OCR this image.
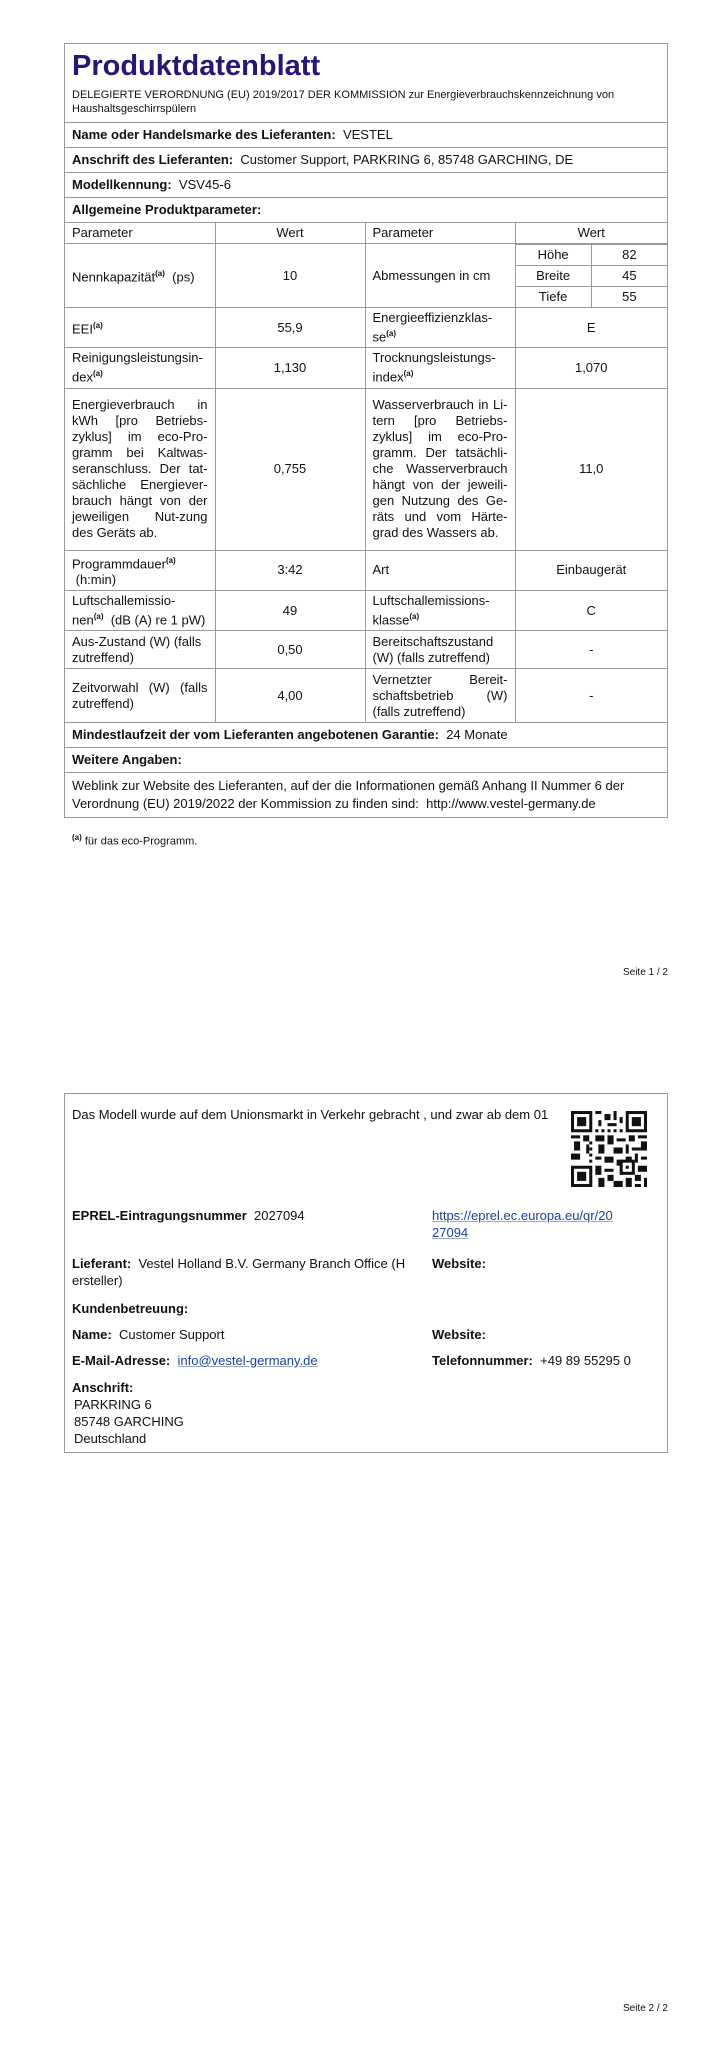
Produktdatenblatt
DELEGIERTE VERORDNUNG (EU) 2019/2017 DER KOMMISSION zur Energieverbrauchskennzeichnung von Haushaltsgeschirrspülern
Name oder Handelsmarke des Lieferanten: VESTEL
Anschrift des Lieferanten: Customer Support, PARKRING 6, 85748 GARCHING, DE
Modellkennung: VSV45-6
Allgemeine Produktparameter:
Parameter	Wert	Parameter	Wert
Nennkapazität$^{(a)}$ (ps)	10	Abmessungen in cm	
Höhe	82
Breite	45
Tiefe	55

EEI$^{(a)}$	55,9	Energieeffizienzklas-$se^{(a)}$	E
Reinigungsleistungsin-dex$^{(a)}$	1,130	Trocknungsleistungs-index$^{(a)}$	1,070
Energieverbrauch in kWh [pro Betriebs-zyklus] im eco-Pro-gramm bei Kaltwas-seranschluss. Der tat-sächliche Energiever-brauch hängt von der jeweiligen Nut-zung des Geräts ab.	0,755	Wasserverbrauch in Li-tern [pro Betriebs-zyklus] im eco-Pro-gramm. Der tatsächli-che Wasserverbrauch hängt von der jeweili-gen Nutzung des Ge-räts und vom Härte-grad des Wassers ab.	11,0
Programmdauer$^{(a)}$
(h:min)	3:42	Art	Einbaugerät
Luftschallemissio-nen$^{(a)}$ (dB (A) re 1 pW)	49	Luftschallemissions-klasse$^{(a)}$	C
Aus-Zustand (W) (falls zutreffend)	0,50	Bereitschaftszustand (W) (falls zutreffend)	-
Zeitvorwahl (W) (falls zutreffend)	4,00	Vernetzter Bereit-schaftsbetrieb (W) (falls zutreffend)	-
Mindestlaufzeit der vom Lieferanten angebotenen Garantie: 24 Monate
Weitere Angaben:
Weblink zur Website des Lieferanten, auf der die Informationen gemäß Anhang II Nummer 6 der Verordnung (EU) 2019/2022 der Kommission zu finden sind: http://www.vestel-germany.de
$^{(a)}$ für das eco-Programm.
Seite 1 / 2
Das Modell wurde auf dem Unionsmarkt in Verkehr gebracht , und zwar ab dem 01
EPREL-Eintragungsnummer 2027094	https://eprel.ec.europa.eu/qr/20
27094
Lieferant: Vestel Holland B.V. Germany Branch Office (H
ersteller)
Website:
Kundenbetreuung:
Name: Customer Support	Website:
E-Mail-Adresse: info@vestel-germany.de	Telefonnummer: +49 89 55295 0
Anschrift:
PARKRING 6
85748 GARCHING
Deutschland
Seite 2 / 2
